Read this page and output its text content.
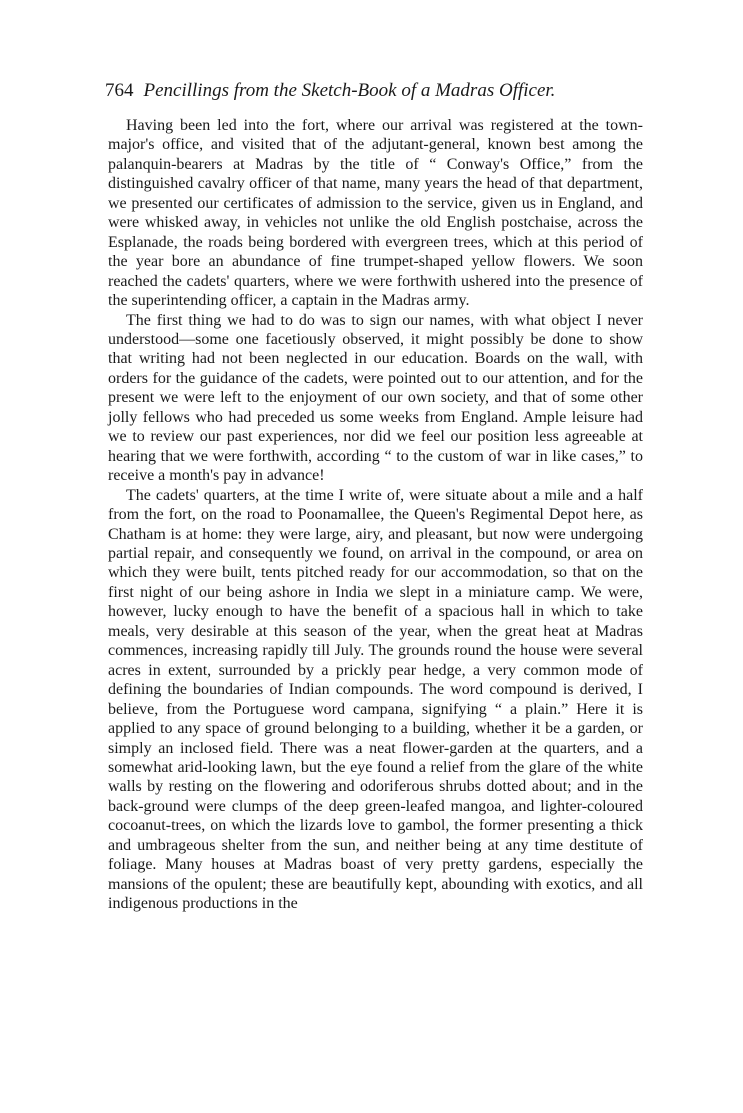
764 Pencillings from the Sketch-Book of a Madras Officer.

Having been led into the fort, where our arrival was registered at the town-major's office, and visited that of the adjutant-general, known best among the palanquin-bearers at Madras by the title of “ Conway's Office,” from the distinguished cavalry officer of that name, many years the head of that department, we presented our certificates of admission to the service, given us in England, and were whisked away, in vehicles not unlike the old English postchaise, across the Esplanade, the roads being bordered with evergreen trees, which at this period of the year bore an abundance of fine trumpet-shaped yellow flowers. We soon reached the cadets' quarters, where we were forthwith ushered into the presence of the superintending officer, a captain in the Madras army.

The first thing we had to do was to sign our names, with what object I never understood—some one facetiously observed, it might possibly be done to show that writing had not been neglected in our education. Boards on the wall, with orders for the guidance of the cadets, were pointed out to our attention, and for the present we were left to the enjoyment of our own society, and that of some other jolly fellows who had preceded us some weeks from England. Ample leisure had we to review our past experiences, nor did we feel our position less agreeable at hearing that we were forthwith, according “ to the custom of war in like cases,” to receive a month's pay in advance!

The cadets' quarters, at the time I write of, were situate about a mile and a half from the fort, on the road to Poonamallee, the Queen's Regimental Depot here, as Chatham is at home: they were large, airy, and pleasant, but now were undergoing partial repair, and consequently we found, on arrival in the compound, or area on which they were built, tents pitched ready for our accommodation, so that on the first night of our being ashore in India we slept in a miniature camp. We were, however, lucky enough to have the benefit of a spacious hall in which to take meals, very desirable at this season of the year, when the great heat at Madras commences, increasing rapidly till July. The grounds round the house were several acres in extent, surrounded by a prickly pear hedge, a very common mode of defining the boundaries of Indian compounds. The word compound is derived, I believe, from the Portuguese word campana, signifying “ a plain.” Here it is applied to any space of ground belonging to a building, whether it be a garden, or simply an inclosed field. There was a neat flower-garden at the quarters, and a somewhat arid-looking lawn, but the eye found a relief from the glare of the white walls by resting on the flowering and odoriferous shrubs dotted about; and in the back-ground were clumps of the deep green-leafed mangoa, and lighter-coloured cocoanut-trees, on which the lizards love to gambol, the former presenting a thick and umbrageous shelter from the sun, and neither being at any time destitute of foliage. Many houses at Madras boast of very pretty gardens, especially the mansions of the opulent; these are beautifully kept, abounding with exotics, and all indigenous productions in the
